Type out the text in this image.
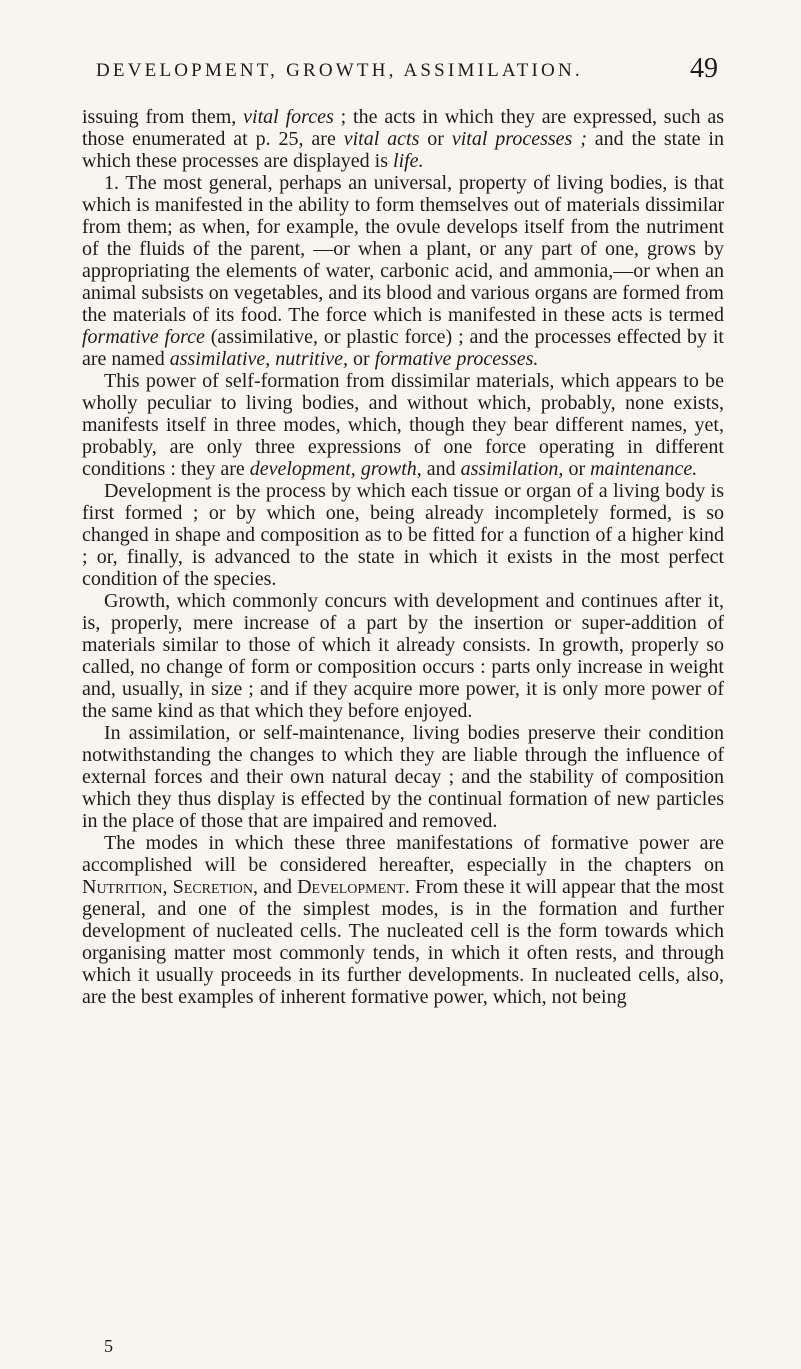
DEVELOPMENT, GROWTH, ASSIMILATION.	49

issuing from them, vital forces ; the acts in which they are expressed, such as those enumerated at p. 25, are vital acts or vital processes ; and the state in which these processes are displayed is life.

1. The most general, perhaps an universal, property of living bodies, is that which is manifested in the ability to form themselves out of materials dissimilar from them; as when, for example, the ovule develops itself from the nutriment of the fluids of the parent, —or when a plant, or any part of one, grows by appropriating the elements of water, carbonic acid, and ammonia,—or when an animal subsists on vegetables, and its blood and various organs are formed from the materials of its food. The force which is manifested in these acts is termed formative force (assimilative, or plastic force) ; and the processes effected by it are named assimilative, nutritive, or formative processes.

This power of self-formation from dissimilar materials, which appears to be wholly peculiar to living bodies, and without which, probably, none exists, manifests itself in three modes, which, though they bear different names, yet, probably, are only three expressions of one force operating in different conditions : they are development, growth, and assimilation, or maintenance.

Development is the process by which each tissue or organ of a living body is first formed ; or by which one, being already incompletely formed, is so changed in shape and composition as to be fitted for a function of a higher kind ; or, finally, is advanced to the state in which it exists in the most perfect condition of the species.

Growth, which commonly concurs with development and continues after it, is, properly, mere increase of a part by the insertion or super-addition of materials similar to those of which it already consists. In growth, properly so called, no change of form or composition occurs : parts only increase in weight and, usually, in size ; and if they acquire more power, it is only more power of the same kind as that which they before enjoyed.

In assimilation, or self-maintenance, living bodies preserve their condition notwithstanding the changes to which they are liable through the influence of external forces and their own natural decay ; and the stability of composition which they thus display is effected by the continual formation of new particles in the place of those that are impaired and removed.

The modes in which these three manifestations of formative power are accomplished will be considered hereafter, especially in the chapters on Nutrition, Secretion, and Development. From these it will appear that the most general, and one of the simplest modes, is in the formation and further development of nucleated cells. The nucleated cell is the form towards which organising matter most commonly tends, in which it often rests, and through which it usually proceeds in its further developments. In nucleated cells, also, are the best examples of inherent formative power, which, not being

5
